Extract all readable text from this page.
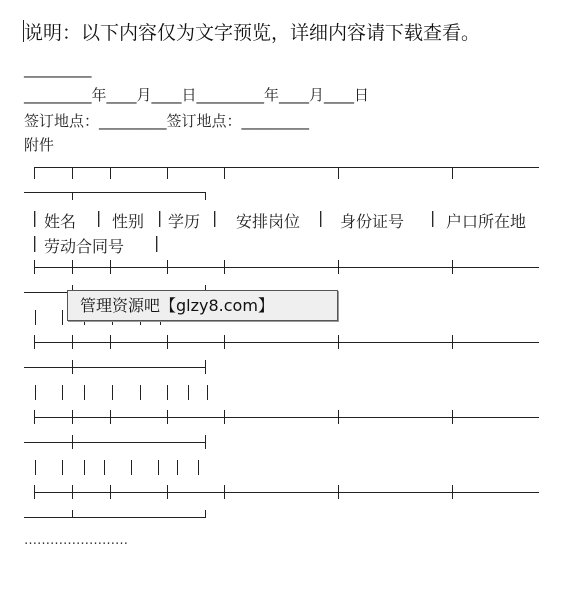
说明：以下内容仅为文字预览，详细内容请下载查看。
_________
_________年____月____日_________年____月____日
签订地点：_________签订地点：_________
附件
| 姓名 | 性别 | 学历 | 安排岗位 | 身份证号 | 户口所在地
| 劳动合同号 |
管理资源吧【glzy8.com】
……………………
